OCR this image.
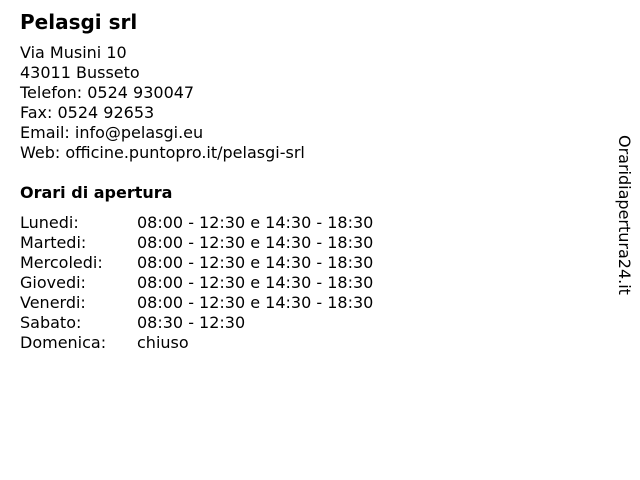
Pelasgi srl
Via Musini 10
43011 Busseto
Telefon: 0524 930047
Fax: 0524 92653
Email: info@pelasgi.eu
Web: officine.puntopro.it/pelasgi-srl
Orari di apertura
Lunedi:	08:00 - 12:30 e 14:30 - 18:30
Martedi:	08:00 - 12:30 e 14:30 - 18:30
Mercoledi:	08:00 - 12:30 e 14:30 - 18:30
Giovedi:	08:00 - 12:30 e 14:30 - 18:30
Venerdi:	08:00 - 12:30 e 14:30 - 18:30
Sabato:	08:30 - 12:30
Domenica:	chiuso
Oraridiapertura24.it
